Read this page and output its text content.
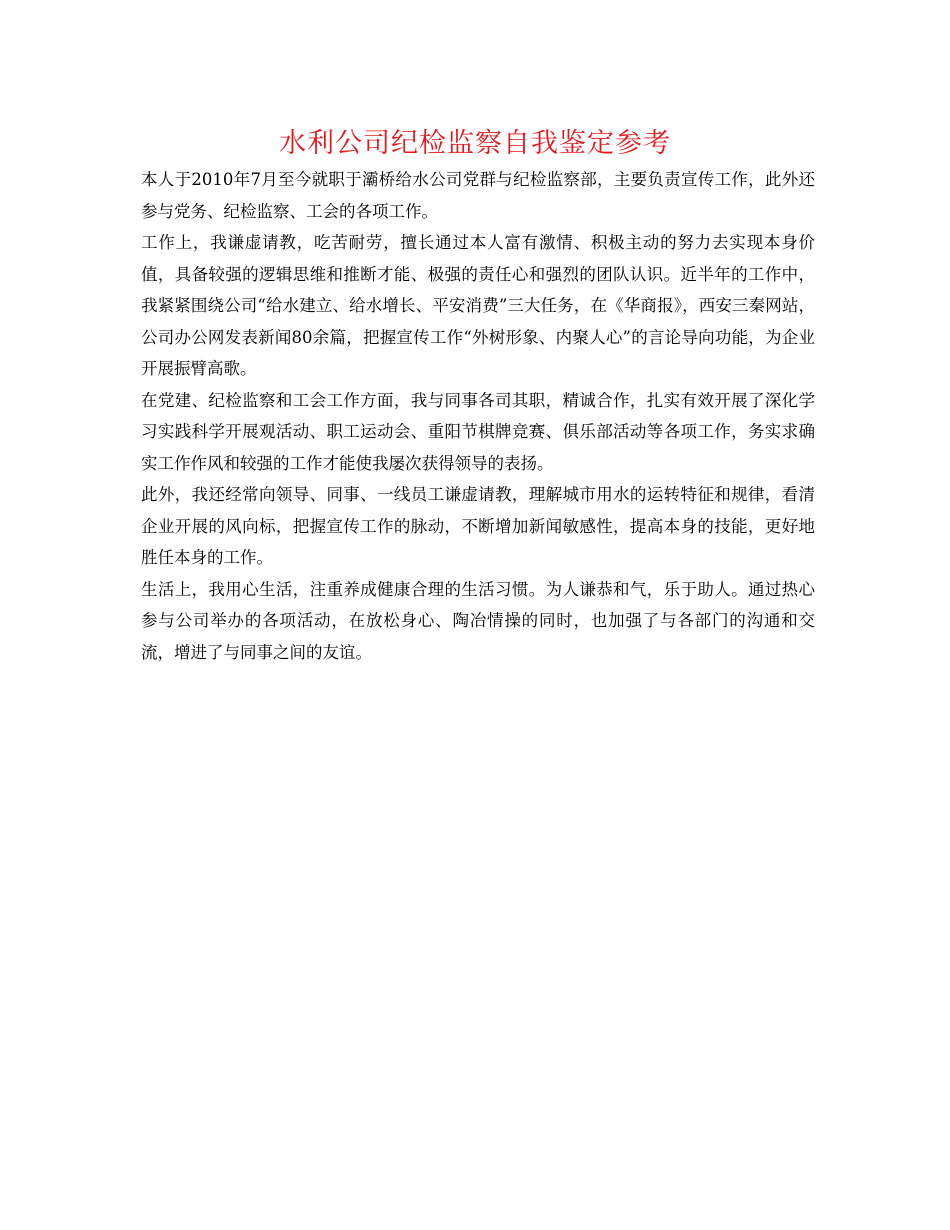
水利公司纪检监察自我鉴定参考

本人于2010年7月至今就职于灞桥给水公司党群与纪检监察部，主要负责宣传工作，此外还参与党务、纪检监察、工会的各项工作。

工作上，我谦虚请教，吃苦耐劳，擅长通过本人富有激情、积极主动的努力去实现本身价值，具备较强的逻辑思维和推断才能、极强的责任心和强烈的团队认识。近半年的工作中，我紧紧围绕公司“给水建立、给水增长、平安消费”三大任务，在《华商报》，西安三秦网站，公司办公网发表新闻80余篇，把握宣传工作“外树形象、内聚人心”的言论导向功能，为企业开展振臂高歌。

在党建、纪检监察和工会工作方面，我与同事各司其职，精诚合作，扎实有效开展了深化学习实践科学开展观活动、职工运动会、重阳节棋牌竞赛、俱乐部活动等各项工作，务实求确实工作作风和较强的工作才能使我屡次获得领导的表扬。

此外，我还经常向领导、同事、一线员工谦虚请教，理解城市用水的运转特征和规律，看清企业开展的风向标，把握宣传工作的脉动，不断增加新闻敏感性，提高本身的技能，更好地胜任本身的工作。

生活上，我用心生活，注重养成健康合理的生活习惯。为人谦恭和气，乐于助人。通过热心参与公司举办的各项活动，在放松身心、陶冶情操的同时，也加强了与各部门的沟通和交流，增进了与同事之间的友谊。
